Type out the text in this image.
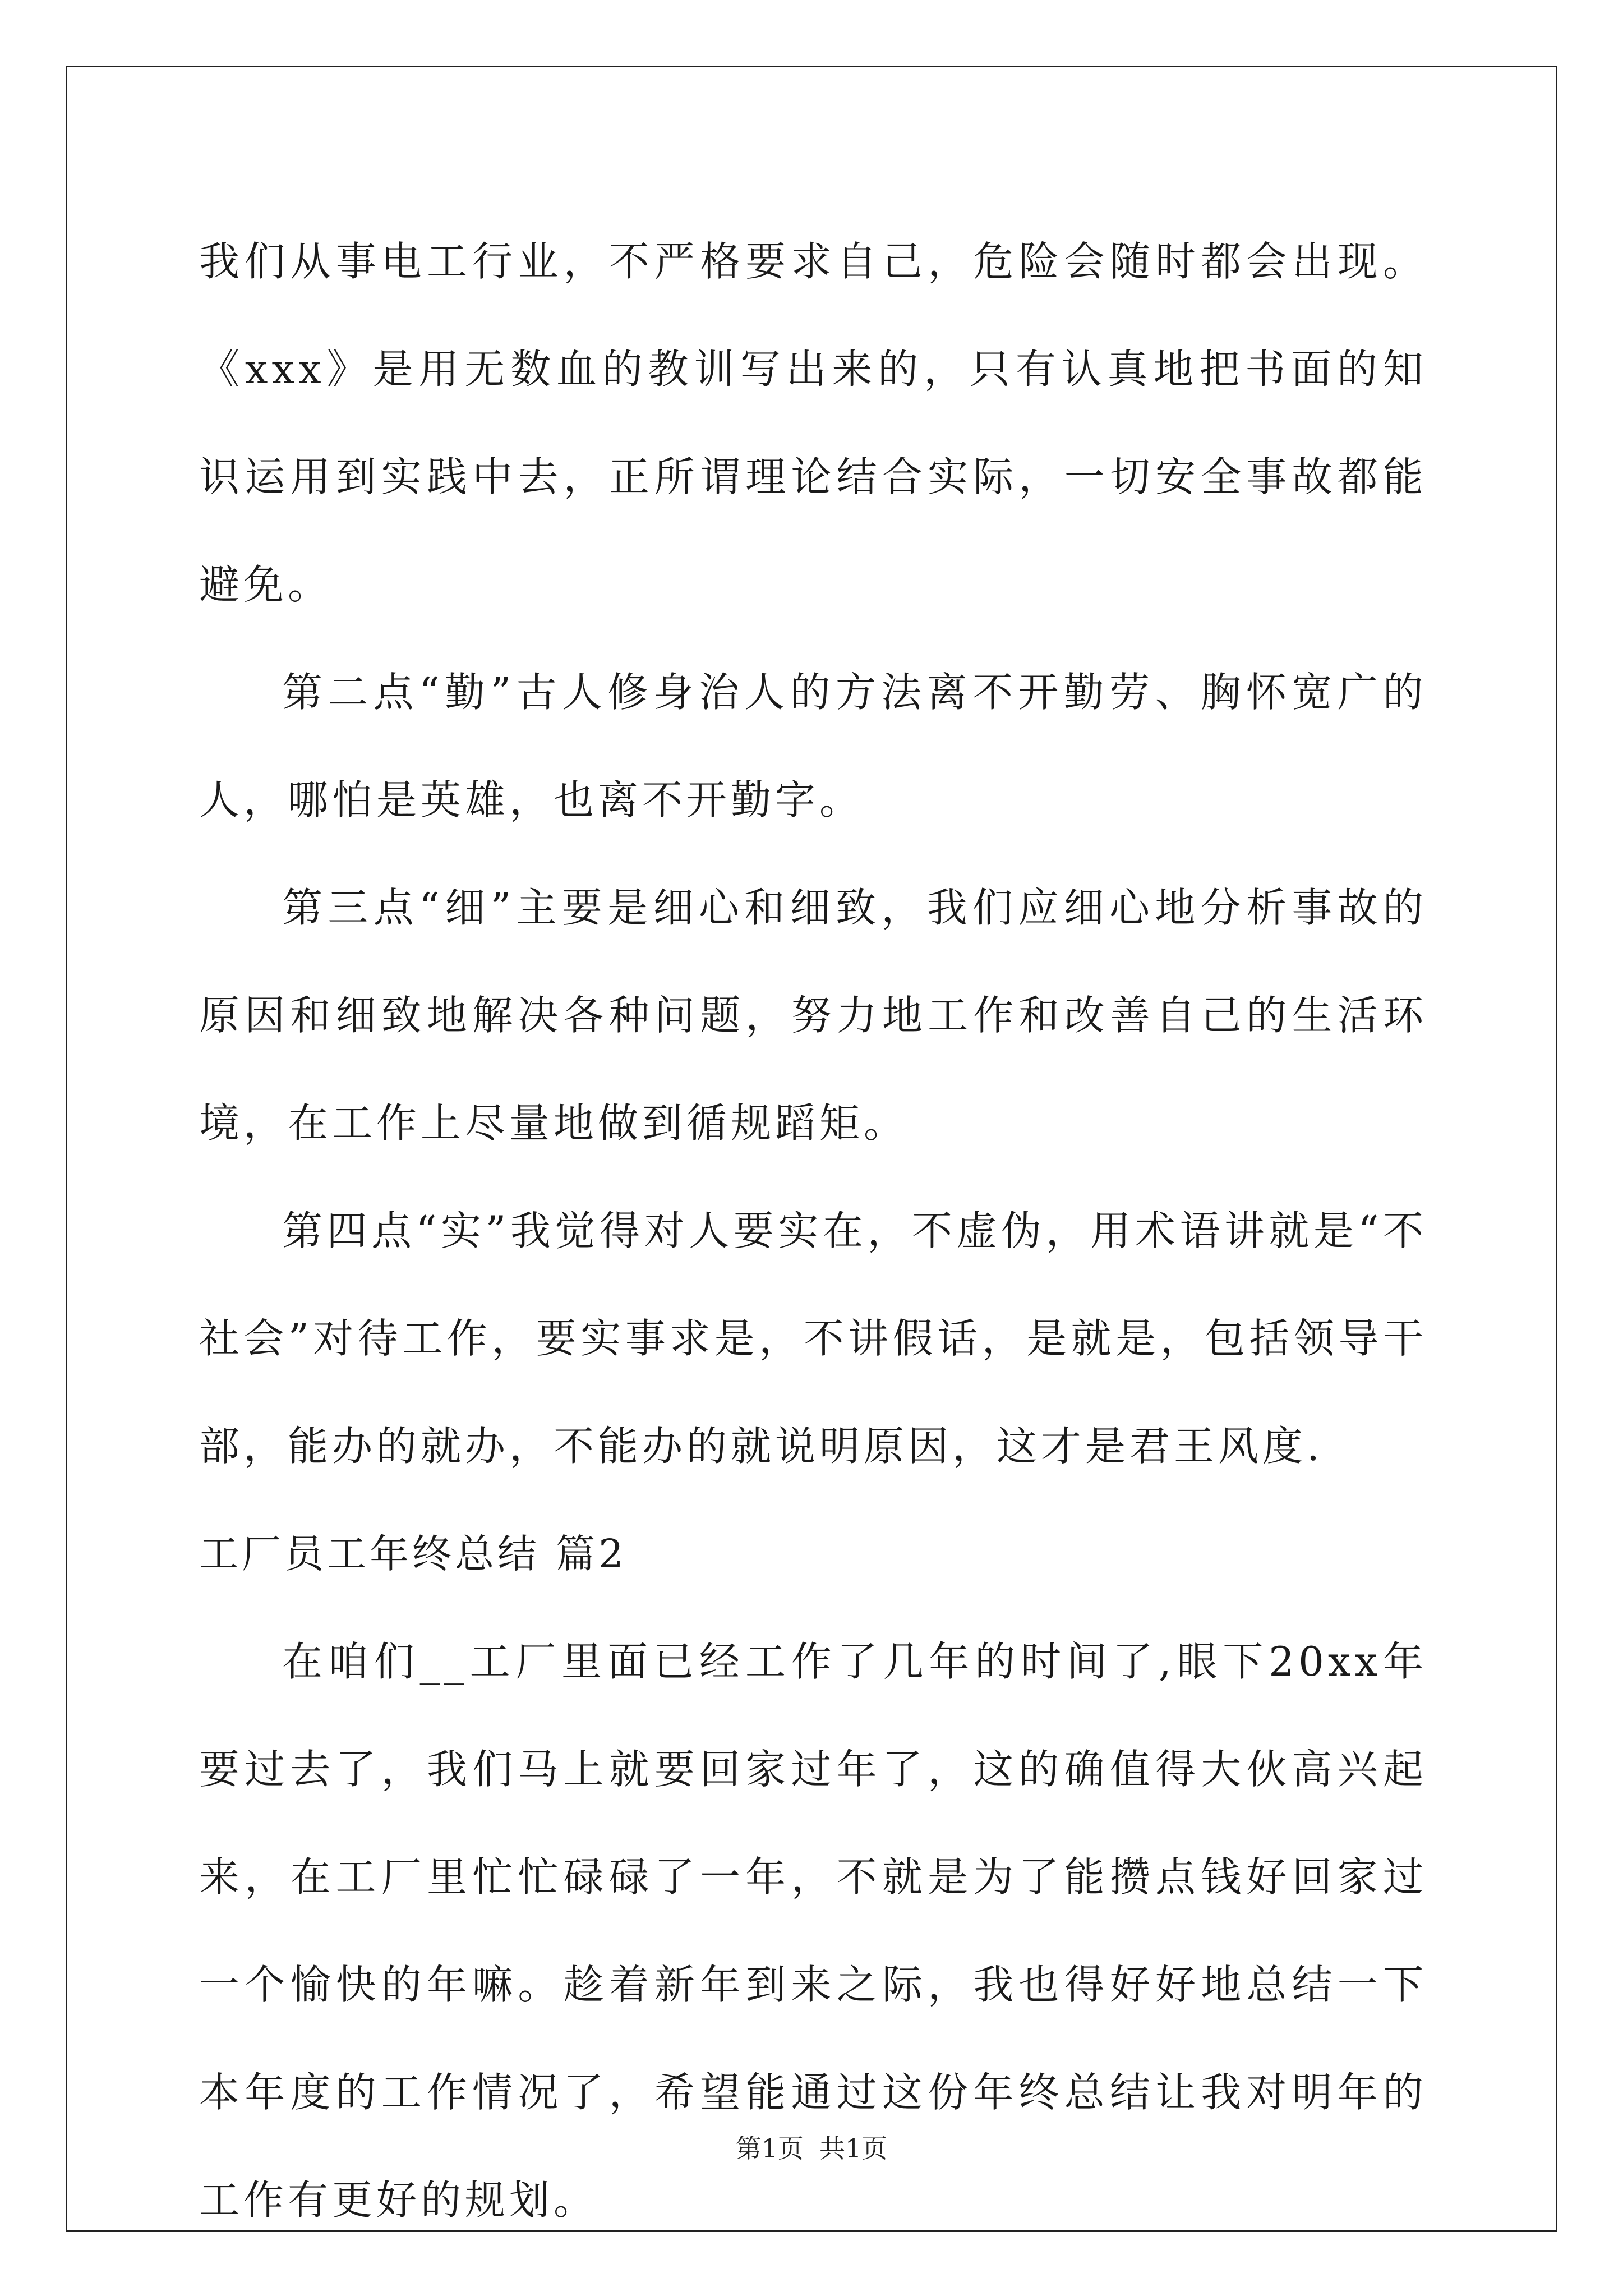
我们从事电工行业，不严格要求自己，危险会随时都会出现。《xxx》是用无数血的教训写出来的，只有认真地把书面的知识运用到实践中去，正所谓理论结合实际，一切安全事故都能避免。

第二点“勤”古人修身治人的方法离不开勤劳、胸怀宽广的人，哪怕是英雄，也离不开勤字。

第三点“细”主要是细心和细致，我们应细心地分析事故的原因和细致地解决各种问题，努力地工作和改善自己的生活环境，在工作上尽量地做到循规蹈矩。

第四点“实”我觉得对人要实在，不虚伪，用术语讲就是“不社会”对待工作，要实事求是，不讲假话，是就是，包括领导干部，能办的就办，不能办的就说明原因，这才是君王风度.

工厂员工年终总结 篇2

在咱们__工厂里面已经工作了几年的时间了,眼下20xx年要过去了，我们马上就要回家过年了，这的确值得大伙高兴起来，在工厂里忙忙碌碌了一年，不就是为了能攒点钱好回家过一个愉快的年嘛。趁着新年到来之际，我也得好好地总结一下本年度的工作情况了，希望能通过这份年终总结让我对明年的工作有更好的规划。

第1页 共1页
